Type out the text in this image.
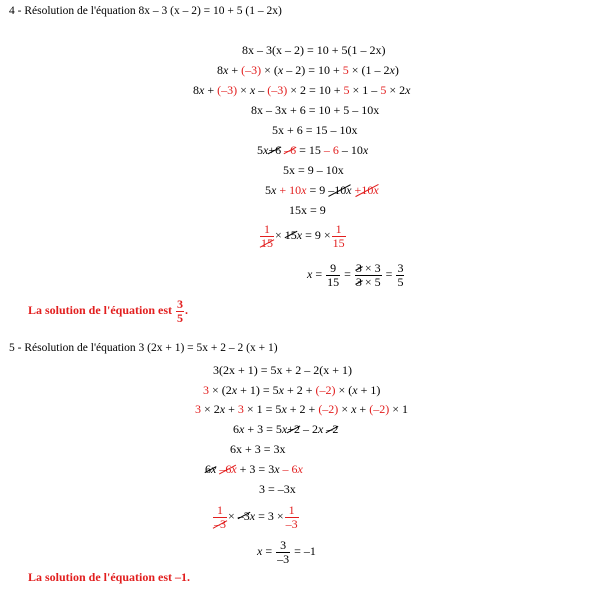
4 - Résolution de l'équation 8x – 3 (x – 2) = 10 + 5 (1 – 2x)
8x – 3(x – 2) = 10 + 5(1 – 2x)
8x + (–3) × (x – 2) = 10 + 5 × (1 – 2x)
8x + (–3) × x – (–3) × 2 = 10 + 5 × 1 – 5 × 2x
8x – 3x + 6 = 10 + 5 – 10x
5x + 6 = 15 – 10x
5x+6 –6 = 15 – 6 – 10x
5x = 9 – 10x
5x + 10x = 9 –10x +10x
15x = 9
$\frac{1}{15} \times 15x = 9 \times \frac{1}{15}$
$x = \frac{9}{15} = \frac{3 \times 3}{3 \times 5} = \frac{3}{5}$
La solution de l'équation est $\frac{3}{5}$ .
5 - Résolution de l'équation 3 (2x + 1) = 5x + 2 – 2 (x + 1)
3(2x + 1) = 5x + 2 – 2(x + 1)
3 × (2x + 1) = 5x + 2 + (–2) × (x + 1)
3 × 2x + 3 × 1 = 5x + 2 + (–2) × x + (–2) × 1
6x + 3 = 5x+2 – 2x –2
6x + 3 = 3x
6x –6x + 3 = 3x – 6x
3 = –3x
$\frac{1}{-3} \times -3x = 3 \times \frac{1}{-3}$
$x = \frac{3}{-3} = -1$
La solution de l'équation est –1.
